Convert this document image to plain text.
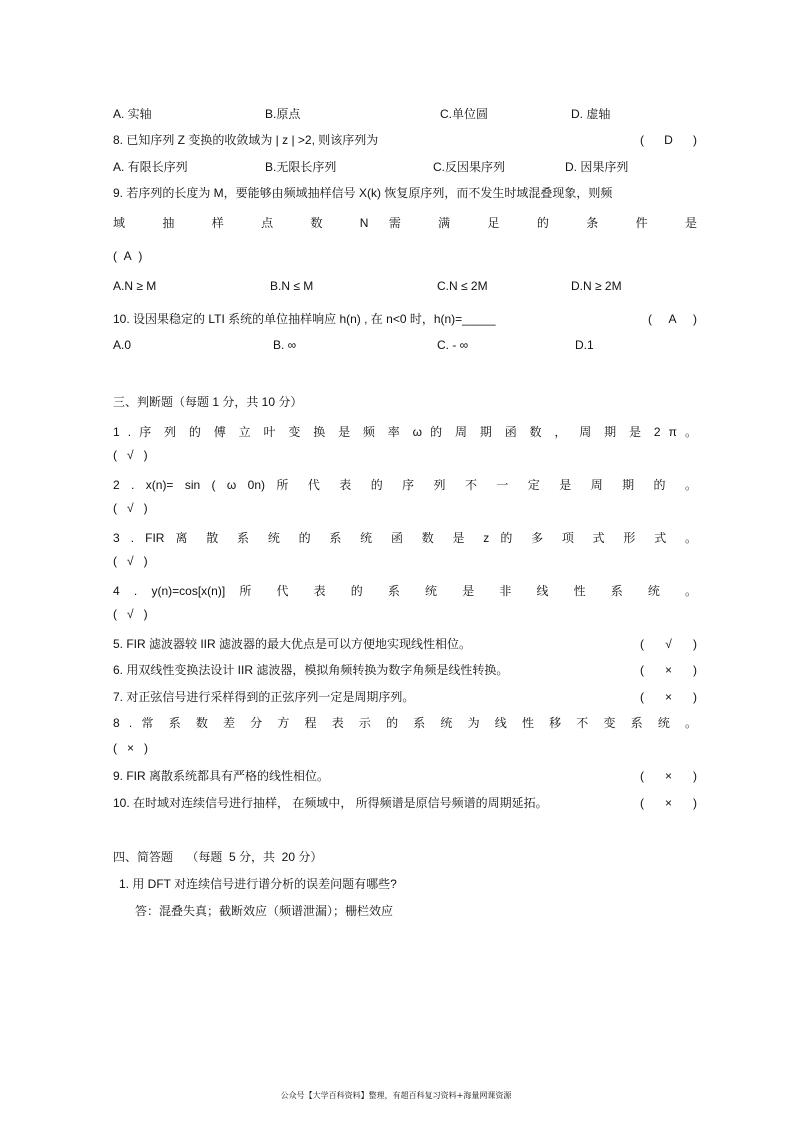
A. 实轴	B.原点	C.单位圆	D. 虚轴
8. 已知序列 Z 变换的收敛域为 | z | >2, 则该序列为	( D )
A. 有限长序列	B.无限长序列	C.反因果序列	D. 因果序列
9. 若序列的长度为 M，要能够由频域抽样信号 X(k) 恢复原序列，而不发生时域混叠现象，则频
域 抽 样 点 数 N 需 满 足 的 条 件 是
( A )
A.N ≥ M	B.N ≤ M	C.N ≤ 2M	D.N ≥ 2M
10. 设因果稳定的 LTI 系统的单位抽样响应 h(n) , 在 n<0 时，h(n)=_____	( A )
A.0	B. ∞	C. - ∞	D.1
三、判断题（每题 1 分，共 10 分）
1 . 序 列 的 傅 立 叶 变 换 是 频 率 ω 的 周 期 函 数 ， 周 期 是 2 π 。
(   √   )
2 . x(n)= sin ( ω 0n) 所 代 表 的 序 列 不 一 定 是 周 期 的 。
(   √   )
3 . FIR 离 散 系 统 的 系 统 函 数 是 z 的 多 项 式 形 式 。
(   √   )
4 . y(n)=cos[x(n)] 所 代 表 的 系 统 是 非 线 性 系 统 。
(   √   )
5. FIR 滤波器较 IIR 滤波器的最大优点是可以方便地实现线性相位。	( √ )
6. 用双线性变换法设计 IIR 滤波器，模拟角频转换为数字角频是线性转换。	( × )
7. 对正弦信号进行采样得到的正弦序列一定是周期序列。	( × )
8 . 常 系 数 差 分 方 程 表 示 的 系 统 为 线 性 移 不 变 系 统 。
(   ×   )
9. FIR 离散系统都具有严格的线性相位。	( × )
10. 在时域对连续信号进行抽样， 在频域中， 所得频谱是原信号频谱的周期延拓。	( × )
四、简答题    （每题  5 分，共  20 分）
1. 用 DFT 对连续信号进行谱分析的误差问题有哪些?
答：混叠失真；截断效应（频谱泄漏）；栅栏效应
公众号【大学百科资料】整理，有超百科复习资料+海量网课资源
